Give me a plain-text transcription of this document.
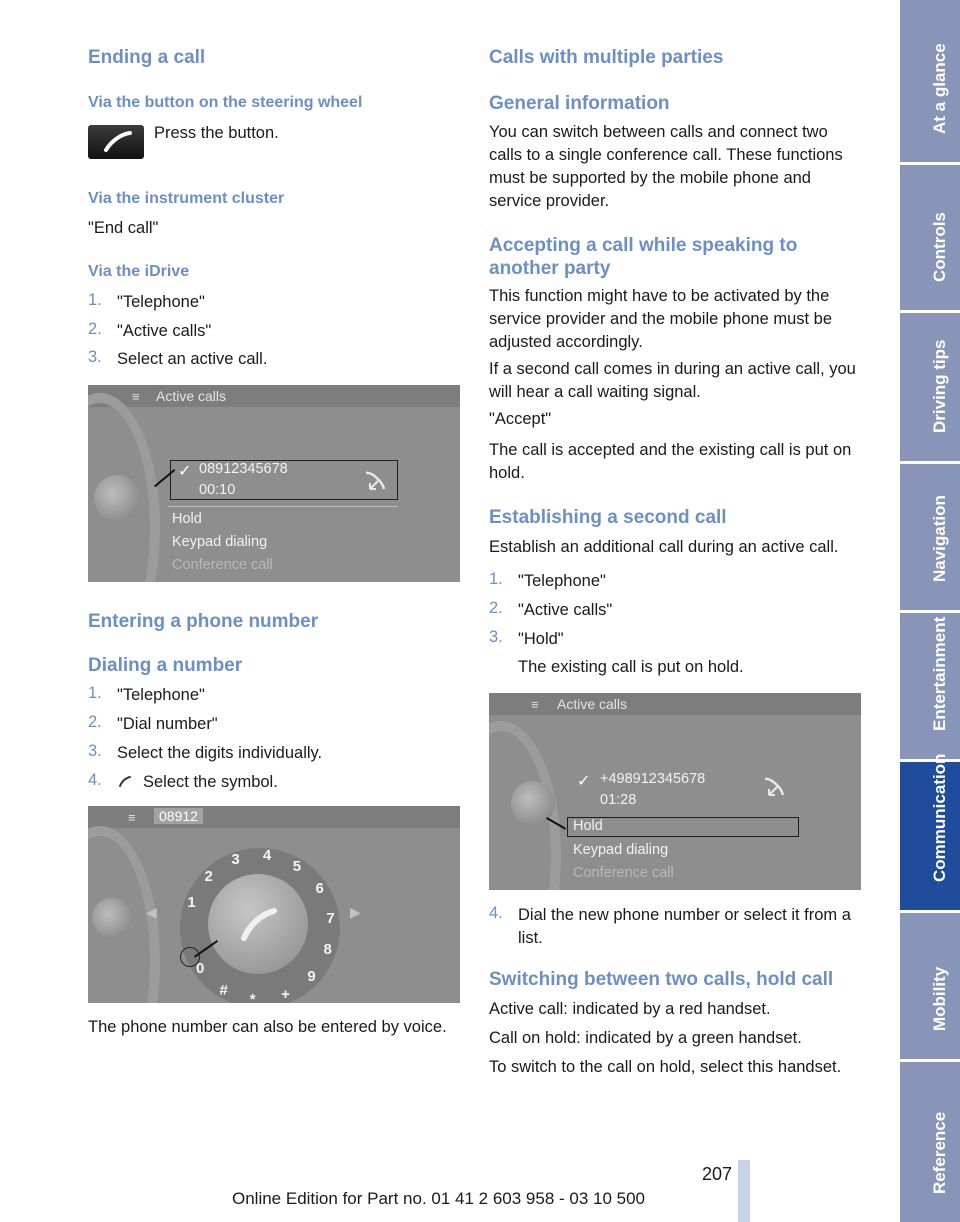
Ending a call
Via the button on the steering wheel
Press the button.
Via the instrument cluster
"End call"
Via the iDrive
1. "Telephone"
2. "Active calls"
3. Select an active call.
≡ Active calls
✓ 08912345678
00:10
Hold
Keypad dialing
Conference call
Entering a phone number
Dialing a number
1. "Telephone"
2. "Dial number"
3. Select the digits individually.
4. Select the symbol.
≡	08912
◀	▶
1
2
3 4
5
6
7
8
9
+
*
#
0
The phone number can also be entered by voice.
Calls with multiple parties
General information
You can switch between calls and connect two calls to a single conference call. These functions must be supported by the mobile phone and service provider.
Accepting a call while speaking to another party
This function might have to be activated by the service provider and the mobile phone must be adjusted accordingly.
If a second call comes in during an active call, you will hear a call waiting signal.
"Accept"
The call is accepted and the existing call is put on hold.
Establishing a second call
Establish an additional call during an active call.
1. "Telephone"
2. "Active calls"
3. "Hold"
The existing call is put on hold.
≡ Active calls
✓ +498912345678
01:28
Hold
Keypad dialing
Conference call
4. Dial the new phone number or select it from a list.
Switching between two calls, hold call
Active call: indicated by a red handset.
Call on hold: indicated by a green handset.
To switch to the call on hold, select this handset.
At a glance
Controls
Driving tips
Navigation
Entertainment
Communication
Mobility
Reference
207
Online Edition for Part no. 01 41 2 603 958 - 03 10 500
